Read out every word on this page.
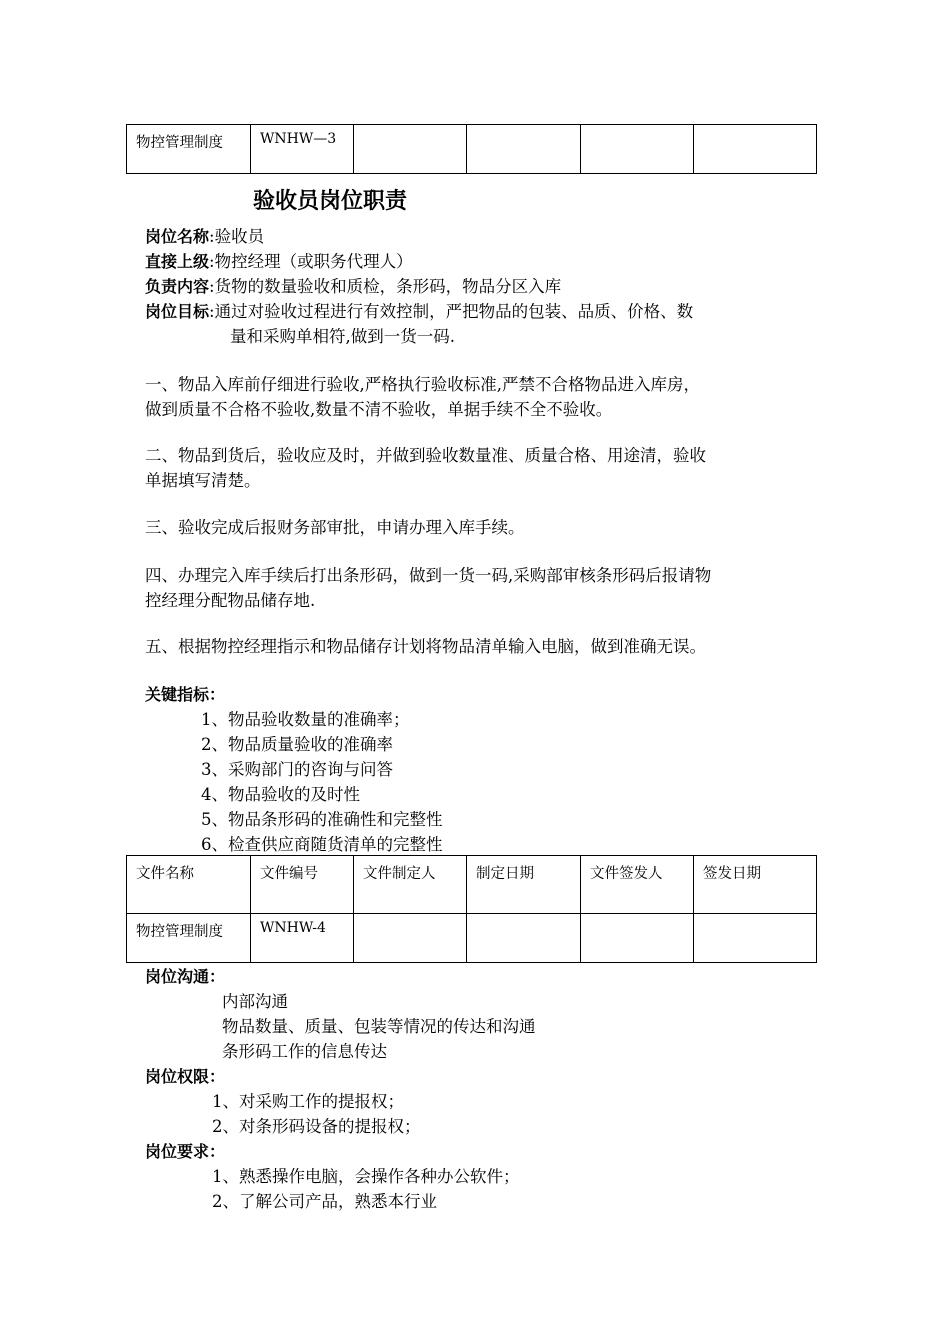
物控管理制度	WNHW—3				
验收员岗位职责
岗位名称:验收员
直接上级:物控经理（或职务代理人）
负责内容:货物的数量验收和质检，条形码，物品分区入库
岗位目标:通过对验收过程进行有效控制，严把物品的包装、品质、价格、数
量和采购单相符,做到一货一码.
一、物品入库前仔细进行验收,严格执行验收标准,严禁不合格物品进入库房，
做到质量不合格不验收,数量不清不验收，单据手续不全不验收。
二、物品到货后，验收应及时，并做到验收数量准、质量合格、用途清，验收
单据填写清楚。
三、验收完成后报财务部审批，申请办理入库手续。
四、办理完入库手续后打出条形码，做到一货一码,采购部审核条形码后报请物
控经理分配物品储存地.
五、根据物控经理指示和物品储存计划将物品清单输入电脑，做到准确无误。
关键指标：
1、物品验收数量的准确率；
2、物品质量验收的准确率
3、采购部门的咨询与问答
4、物品验收的及时性
5、物品条形码的准确性和完整性
6、检查供应商随货清单的完整性
文件名称	文件编号	文件制定人	制定日期	文件签发人	签发日期
物控管理制度	WNHW-4				
岗位沟通：
内部沟通
物品数量、质量、包装等情况的传达和沟通
条形码工作的信息传达
岗位权限：
1、对采购工作的提报权；
2、对条形码设备的提报权；
岗位要求：
1、熟悉操作电脑，会操作各种办公软件；
2、了解公司产品，熟悉本行业
